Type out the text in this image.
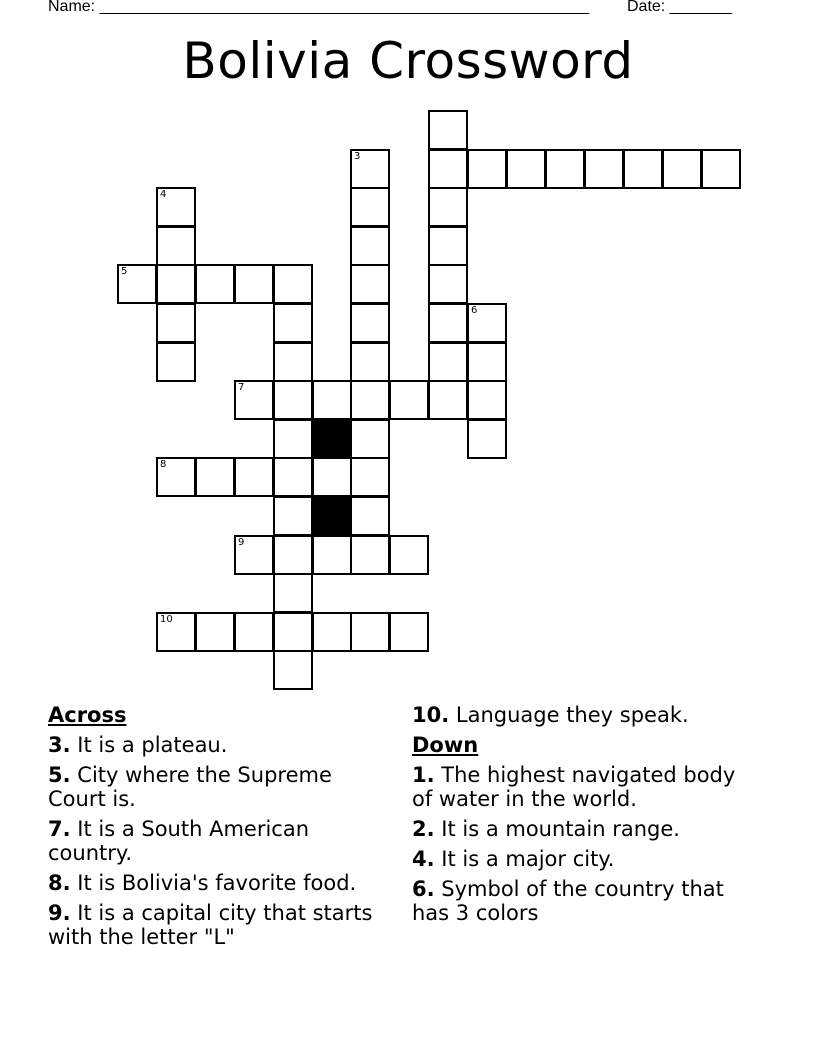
Name: _______________________________________________________ Date: _______
Bolivia Crossword
3
4
5
6
7
8
9
10
Across
3. It is a plateau.
5. City where the Supreme Court is.
7. It is a South American country.
8. It is Bolivia's favorite food.
9. It is a capital city that starts with the letter "L"
10. Language they speak.
Down
1. The highest navigated body of water in the world.
2. It is a mountain range.
4. It is a major city.
6. Symbol of the country that has 3 colors
